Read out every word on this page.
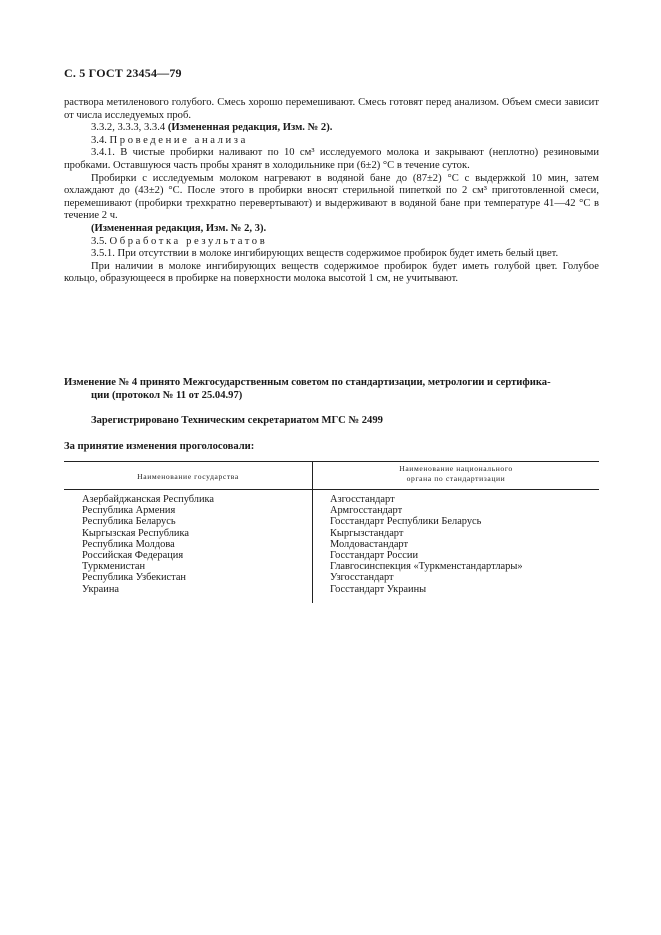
С. 5 ГОСТ 23454—79

раствора метиленового голубого. Смесь хорошо перемешивают. Смесь готовят перед анализом. Объем смеси зависит от числа исследуемых проб.

3.3.2, 3.3.3, 3.3.4 (Измененная редакция, Изм. № 2).

3.4. Проведение анализа

3.4.1. В чистые пробирки наливают по 10 см³ исследуемого молока и закрывают (неплотно) резиновыми пробками. Оставшуюся часть пробы хранят в холодильнике при (6±2) °С в течение суток.

Пробирки с исследуемым молоком нагревают в водяной бане до (87±2) °С с выдержкой 10 мин, затем охлаждают до (43±2) °С. После этого в пробирки вносят стерильной пипеткой по 2 см³ приготовленной смеси, перемешивают (пробирки трехкратно перевертывают) и выдерживают в водяной бане при температуре 41—42 °С в течение 2 ч.

(Измененная редакция, Изм. № 2, 3).

3.5. Обработка результатов

3.5.1. При отсутствии в молоке ингибирующих веществ содержимое пробирок будет иметь белый цвет.

При наличии в молоке ингибирующих веществ содержимое пробирок будет иметь голубой цвет. Голубое кольцо, образующееся в пробирке на поверхности молока высотой 1 см, не учитывают.

Изменение № 4 принято Межгосударственным советом по стандартизации, метрологии и сертифика-
ции (протокол № 11 от 25.04.97)
Зарегистрировано Техническим секретариатом МГС № 2499
За принятие изменения проголосовали:
Наименование государства
Наименование национального
органа по стандартизации
Азербайджанская Республика
Республика Армения
Республика Беларусь
Кыргызская Республика
Республика Молдова
Российская Федерация
Туркменистан
Республика Узбекистан
Украина
Азгосстандарт
Армгосстандарт
Госстандарт Республики Беларусь
Кыргызстандарт
Молдовастандарт
Госстандарт России
Главгосинспекция «Туркменстандартлары»
Узгосстандарт
Госстандарт Украины
